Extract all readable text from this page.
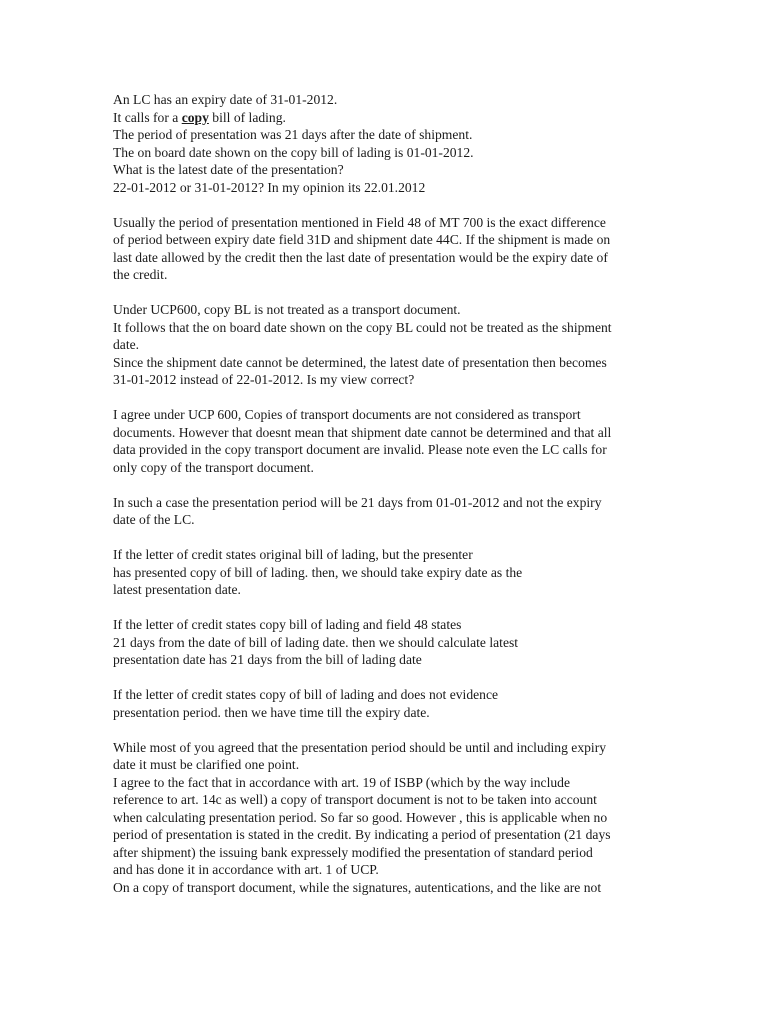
An LC has an expiry date of 31-01-2012.
It calls for a copy bill of lading.
The period of presentation was 21 days after the date of shipment.
The on board date shown on the copy bill of lading is 01-01-2012.
What is the latest date of the presentation?
22-01-2012 or 31-01-2012? In my opinion its 22.01.2012
Usually the period of presentation mentioned in Field 48 of MT 700 is the exact difference
of period between expiry date field 31D and shipment date 44C. If the shipment is made on
last date allowed by the credit then the last date of presentation would be the expiry date of
the credit.
Under UCP600, copy BL is not treated as a transport document.
It follows that the on board date shown on the copy BL could not be treated as the shipment
date.
Since the shipment date cannot be determined, the latest date of presentation then becomes
31-01-2012 instead of 22-01-2012. Is my view correct?
I agree under UCP 600, Copies of transport documents are not considered as transport
documents. However that doesnt mean that shipment date cannot be determined and that all
data provided in the copy transport document are invalid. Please note even the LC calls for
only copy of the transport document.
In such a case the presentation period will be 21 days from 01-01-2012 and not the expiry
date of the LC.
If the letter of credit states original bill of lading, but the presenter
has presented copy of bill of lading. then, we should take expiry date as the
latest presentation date.
If the letter of credit states copy bill of lading and field 48 states
21 days from the date of bill of lading date. then we should calculate latest
presentation date has 21 days from the bill of lading date
If the letter of credit states copy of bill of lading and does not evidence
presentation period. then we have time till the expiry date.
While most of you agreed that the presentation period should be until and including expiry
date it must be clarified one point.
I agree to the fact that in accordance with art. 19 of ISBP (which by the way include
reference to art. 14c as well) a copy of transport document is not to be taken into account
when calculating presentation period. So far so good. However , this is applicable when no
period of presentation is stated in the credit. By indicating a period of presentation (21 days
after shipment) the issuing bank expressely modified the presentation of standard period
and has done it in accordance with art. 1 of UCP.
On a copy of transport document, while the signatures, autentications, and the like are not
